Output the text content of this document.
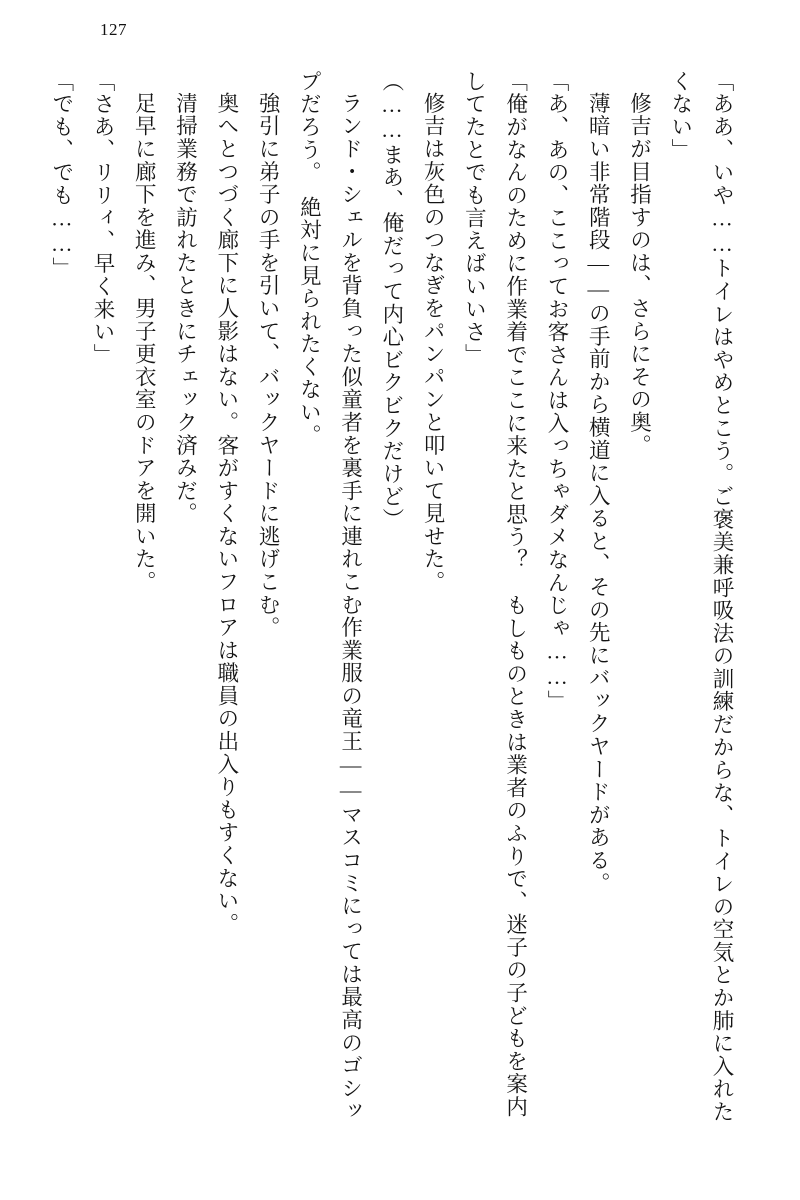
127

「ああ、いや……トイレはやめとこう。ご褒美兼呼吸法の訓練だからな、トイレの空気とか肺に入れたくない」

修吉が目指すのは、さらにその奥。

薄暗い非常階段――の手前から横道に入ると、その先にバックヤードがある。

「あ、あの、ここってお客さんは入っちゃダメなんじゃ……」

「俺がなんのために作業着でここに来たと思う？　もしものときは業者のふりで、迷子の子どもを案内してたとでも言えばいいさ」

修吉は灰色のつなぎをパンパンと叩いて見せた。

（……まあ、俺だって内心ビクビクだけど）

ランド・シェルを背負った似童者を裏手に連れこむ作業服の竜王――マスコミにっては最高のゴシップだろう。　絶対に見られたくない。

強引に弟子の手を引いて、バックヤードに逃げこむ。

奥へとつづく廊下に人影はない。客がすくないフロアは職員の出入りもすくない。

清掃業務で訪れたときにチェック済みだ。

足早に廊下を進み、男子更衣室のドアを開いた。

「さあ、リリィ、早く来い」

「でも、でも……」
